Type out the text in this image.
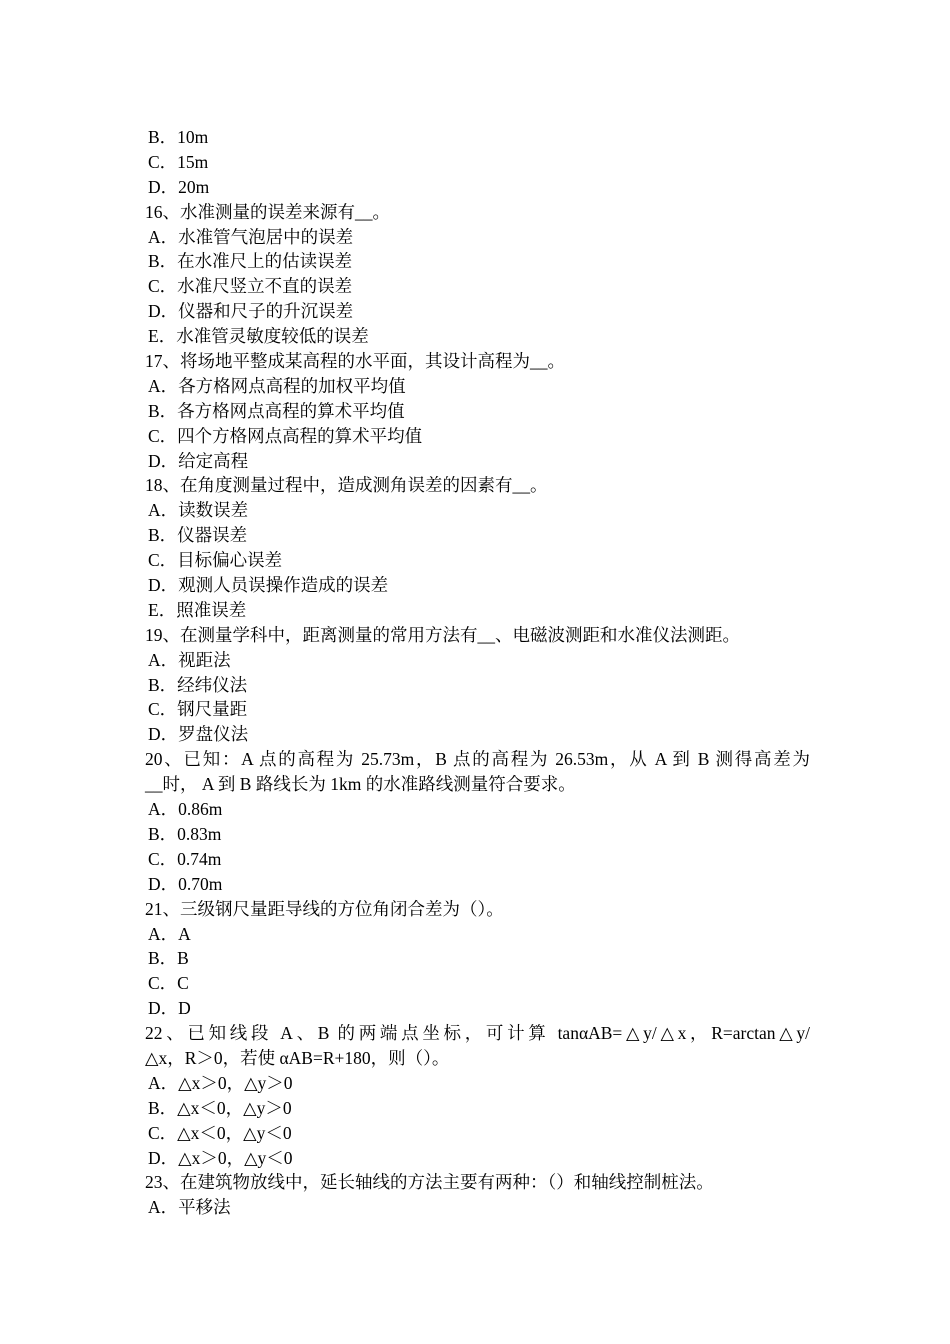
B．10m
C．15m
D．20m
16、水准测量的误差来源有__。
A．水准管气泡居中的误差
B．在水准尺上的估读误差
C．水准尺竖立不直的误差
D．仪器和尺子的升沉误差
E．水准管灵敏度较低的误差
17、将场地平整成某高程的水平面，其设计高程为__。
A．各方格网点高程的加权平均值
B．各方格网点高程的算术平均值
C．四个方格网点高程的算术平均值
D．给定高程
18、在角度测量过程中，造成测角误差的因素有__。
A．读数误差
B．仪器误差
C．目标偏心误差
D．观测人员误操作造成的误差
E．照准误差
19、在测量学科中，距离测量的常用方法有__、电磁波测距和水准仪法测距。
A．视距法
B．经纬仪法
C．钢尺量距
D．罗盘仪法
20、已知：A 点的高程为 25.73m，B 点的高程为 26.53m，从 A 到 B 测得高差为
__时， A 到 B 路线长为 1km 的水准路线测量符合要求。
A．0.86m
B．0.83m
C．0.74m
D．0.70m
21、三级钢尺量距导线的方位角闭合差为（）。
A．A
B．B
C．C
D．D
22、已知线段 A、B 的两端点坐标，可计算 tanαAB=△y/△x，R=arctan△y/
△x，R＞0，若使 αAB=R+180，则（）。
A．△x＞0，△y＞0
B．△x＜0，△y＞0
C．△x＜0，△y＜0
D．△x＞0，△y＜0
23、在建筑物放线中，延长轴线的方法主要有两种：（）和轴线控制桩法。
A．平移法
